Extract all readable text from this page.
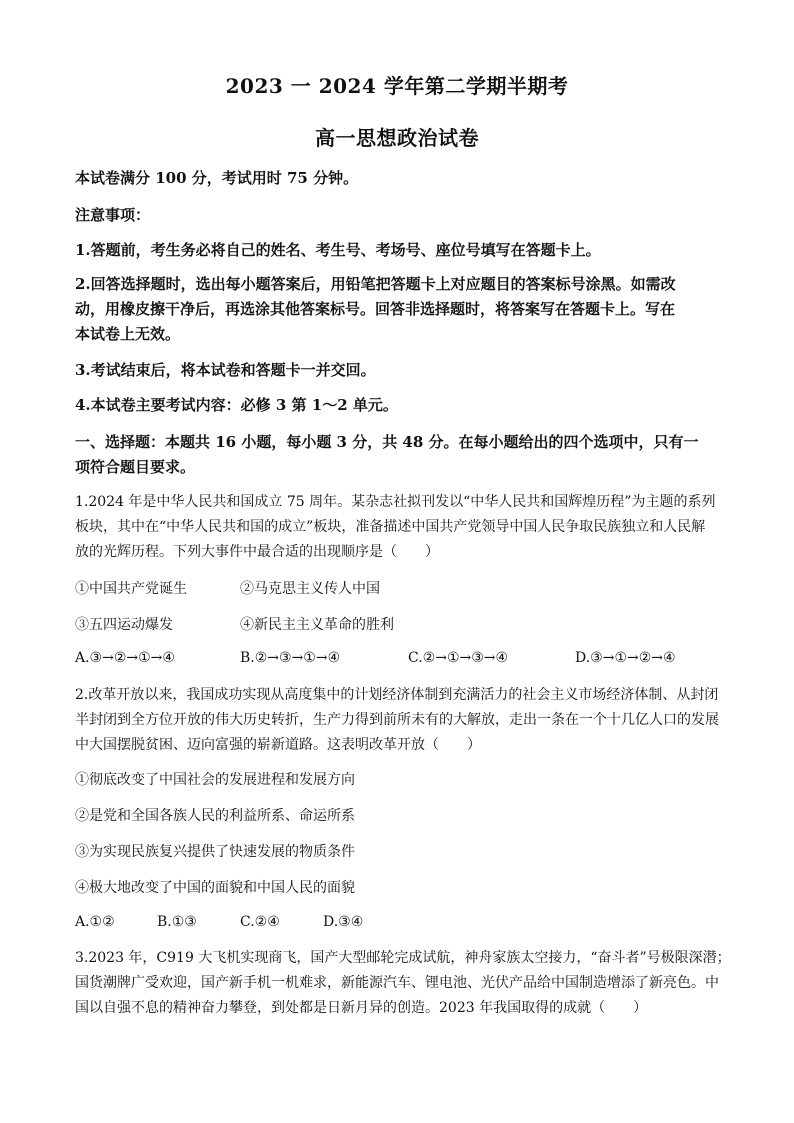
2023 一 2024 学年第二学期半期考
高一思想政治试卷
本试卷满分 100 分，考试用时 75 分钟。
注意事项：
1.答题前，考生务必将自己的姓名、考生号、考场号、座位号填写在答题卡上。
2.回答选择题时，选出每小题答案后，用铅笔把答题卡上对应题目的答案标号涂黑。如需改
动，用橡皮擦干净后，再选涂其他答案标号。回答非选择题时，将答案写在答题卡上。写在
本试卷上无效。
3.考试结束后，将本试卷和答题卡一并交回。
4.本试卷主要考试内容：必修 3 第 1～2 单元。
一、选择题：本题共 16 小题，每小题 3 分，共 48 分。在每小题给出的四个选项中，只有一
项符合题目要求。
1.2024 年是中华人民共和国成立 75 周年。某杂志社拟刊发以“中华人民共和国辉煌历程”为主题的系列
板块，其中在“中华人民共和国的成立”板块，准备描述中国共产党领导中国人民争取民族独立和人民解
放的光辉历程。下列大事件中最合适的出现顺序是（　　）
①中国共产党诞生	②马克思主义传人中国
③五四运动爆发	④新民主主义革命的胜利
A.③→②→①→④	B.②→③→①→④	C.②→①→③→④	D.③→①→②→④
2.改革开放以来，我国成功实现从高度集中的计划经济体制到充满活力的社会主义市场经济体制、从封闭
半封闭到全方位开放的伟大历史转折，生产力得到前所未有的大解放，走出一条在一个十几亿人口的发展
中大国摆脱贫困、迈向富强的崭新道路。这表明改革开放（　　）
①彻底改变了中国社会的发展进程和发展方向
②是党和全国各族人民的利益所系、命运所系
③为实现民族复兴提供了快速发展的物质条件
④极大地改变了中国的面貌和中国人民的面貌
A.①②	B.①③	C.②④	D.③④
3.2023 年，C919 大飞机实现商飞，国产大型邮轮完成试航，神舟家族太空接力，“奋斗者”号极限深潜；
国货潮牌广受欢迎，国产新手机一机难求，新能源汽车、锂电池、光伏产品给中国制造增添了新亮色。中
国以自强不息的精神奋力攀登，到处都是日新月异的创造。2023 年我国取得的成就（　　）
